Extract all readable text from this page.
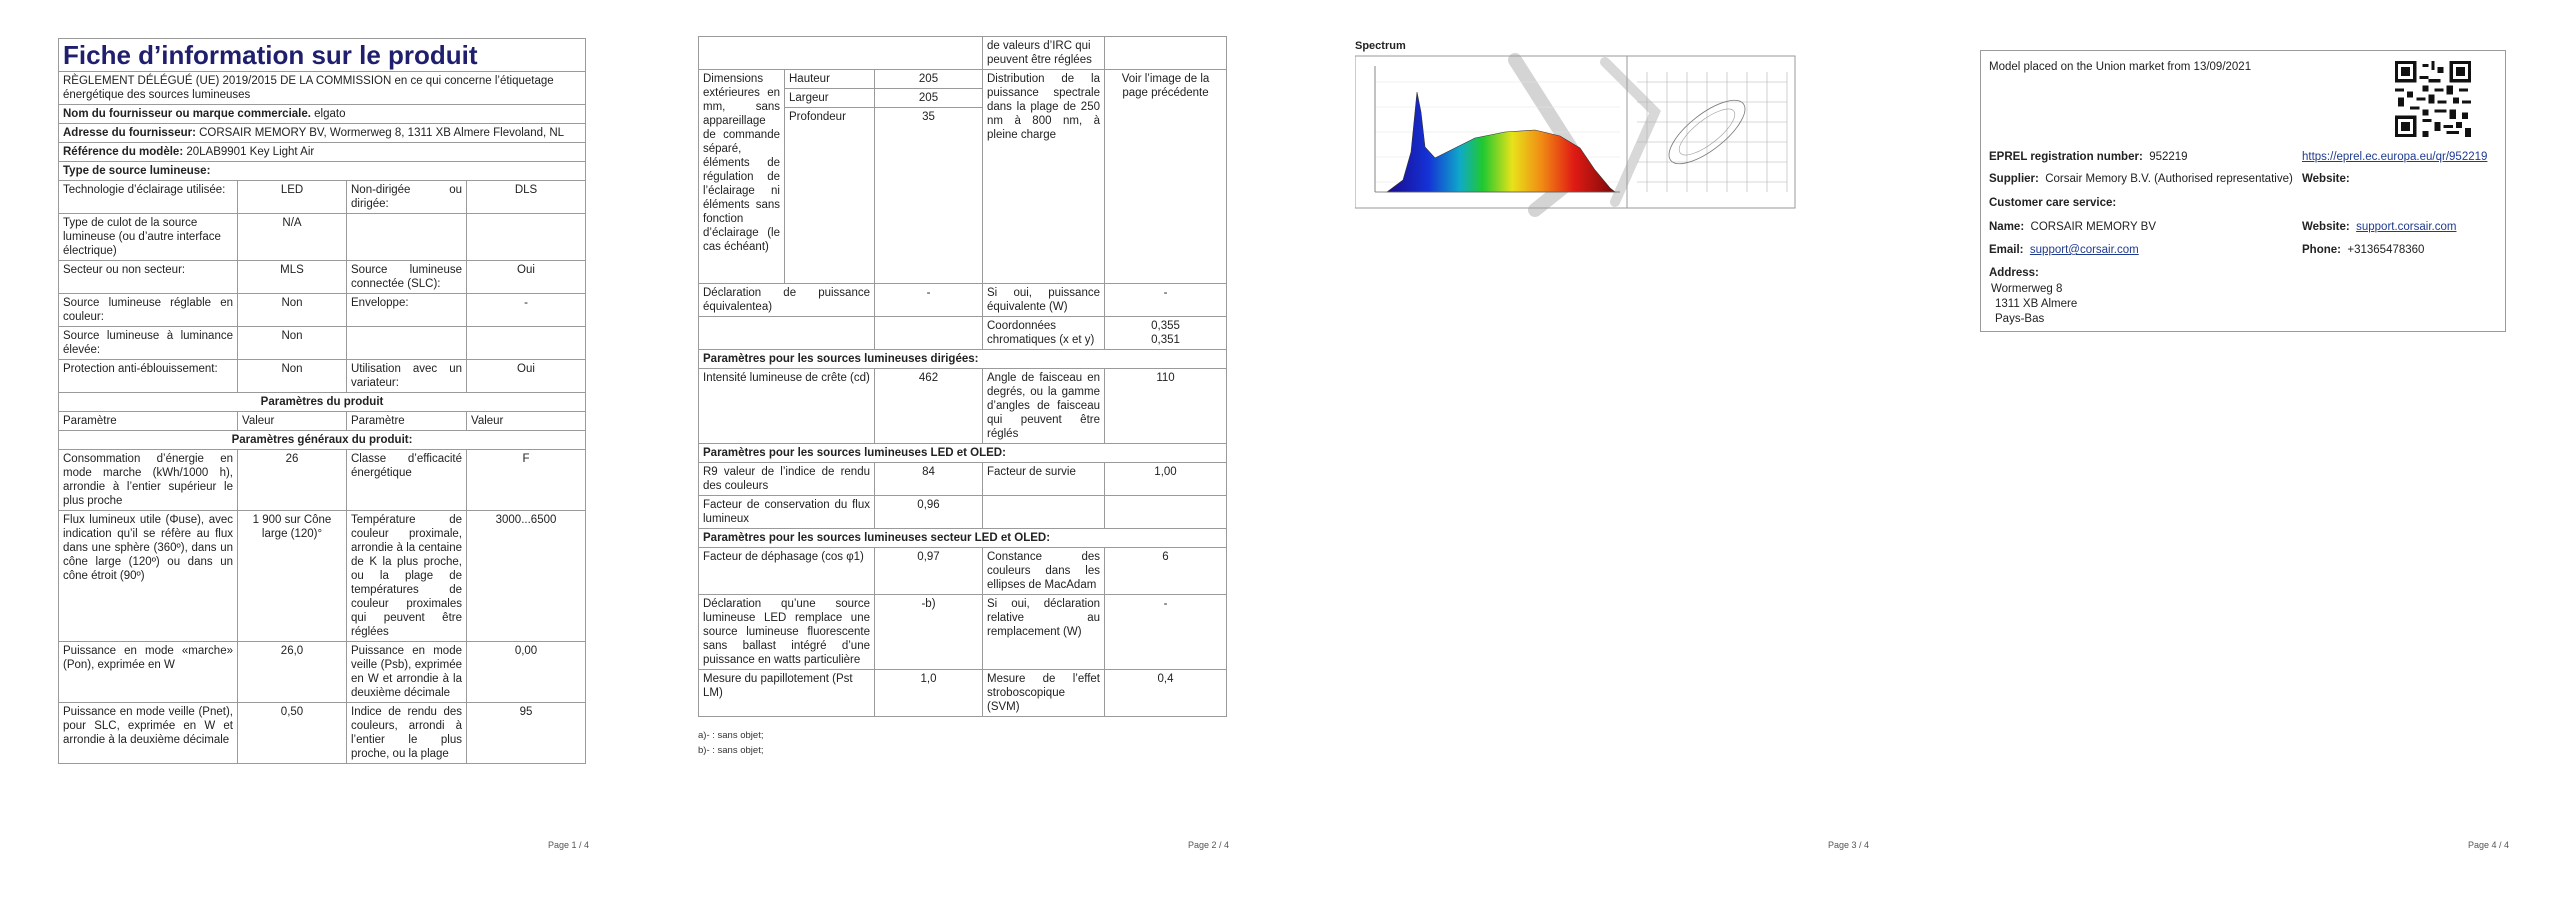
Fiche d’information sur le produit			
RÈGLEMENT DÉLÉGUÉ (UE) 2019/2015 DE LA COMMISSION en ce qui concerne l’étiquetage énergétique des sources lumineuses			
Nom du fournisseur ou marque commerciale. elgato			
Adresse du fournisseur: CORSAIR MEMORY BV, Wormerweg 8, 1311 XB Almere Flevoland, NL			
Référence du modèle: 20LAB9901 Key Light Air			
Type de source lumineuse:			
Technologie d’éclairage utilisée:	LED	Non-dirigée ou dirigée:	DLS
Type de culot de la source lumineuse (ou d’autre interface électrique)	N/A		
Secteur ou non secteur:	MLS	Source lumineuse connectée (SLC):	Oui
Source lumineuse réglable en couleur:	Non	Enveloppe:	-
Source lumineuse à luminance élevée:	Non		
Protection anti-éblouissement:	Non	Utilisation avec un variateur:	Oui
Paramètres du produit			
Paramètre	Valeur	Paramètre	Valeur
Paramètres généraux du produit:			
Consommation d’énergie en mode marche (kWh/1000 h), arrondie à l’entier supérieur le plus proche	26	Classe d’efficacité énergétique	F
Flux lumineux utile (Φuse), avec indication qu’il se réfère au flux dans une sphère (360º), dans un cône large (120º) ou dans un cône étroit (90º)	1 900 sur Cône large (120)°	Température de couleur proximale, arrondie à la centaine de K la plus proche, ou la plage de températures de couleur proximales qui peuvent être réglées	3000...6500
Puissance en mode «marche» (Pon), exprimée en W	26,0	Puissance en mode veille (Psb), exprimée en W et arrondie à la deuxième décimale	0,00
Puissance en mode veille (Pnet), pour SLC, exprimée en W et arrondie à la deuxième décimale	0,50	Indice de rendu des couleurs, arrondi à l’entier le plus proche, ou la plage	95
Page 1 / 4
			de valeurs d’IRC qui peuvent être réglées	
Dimensions extérieures en mm, sans appareillage de commande séparé, éléments de régulation de l’éclairage ni éléments sans fonction d’éclairage (le cas échéant)	Hauteur	205	Distribution de la puissance spectrale dans la plage de 250 nm à 800 nm, à pleine charge	Voir l’image de la page précédente
	Largeur	205		
	Profondeur	35		
Déclaration de puissance équivalentea)		-	Si oui, puissance équivalente (W)	-
			Coordonnées chromatiques (x et y)	0,355
0,351
Paramètres pour les sources lumineuses dirigées:				
Intensité lumineuse de crête (cd)		462	Angle de faisceau en degrés, ou la gamme d’angles de faisceau qui peuvent être réglés	110
Paramètres pour les sources lumineuses LED et OLED:				
R9 valeur de l’indice de rendu des couleurs		84	Facteur de survie	1,00
Facteur de conservation du flux lumineux		0,96		
Paramètres pour les sources lumineuses secteur LED et OLED:				
Facteur de déphasage (cos φ1)		0,97	Constance des couleurs dans les ellipses de MacAdam	6
Déclaration qu’une source lumineuse LED remplace une source lumineuse fluorescente sans ballast intégré d’une puissance en watts particulière		-b)	Si oui, déclaration relative au remplacement (W)	-
Mesure du papillotement (Pst LM)		1,0	Mesure de l’effet stroboscopique (SVM)	0,4
a)- : sans objet;
b)- : sans objet;
Page 2 / 4
Spectrum
Page 3 / 4
Model placed on the Union market from 13/09/2021
EPREL registration number: 952219	https://eprel.ec.europa.eu/qr/952219
Supplier: Corsair Memory B.V. (Authorised representative) Website:
Customer care service:
Name: CORSAIR MEMORY BV	Website: support.corsair.com
Email: support@corsair.com	Phone: +31365478360
Address:
Wormerweg 8
1311 XB Almere
Pays-Bas
Page 4 / 4
